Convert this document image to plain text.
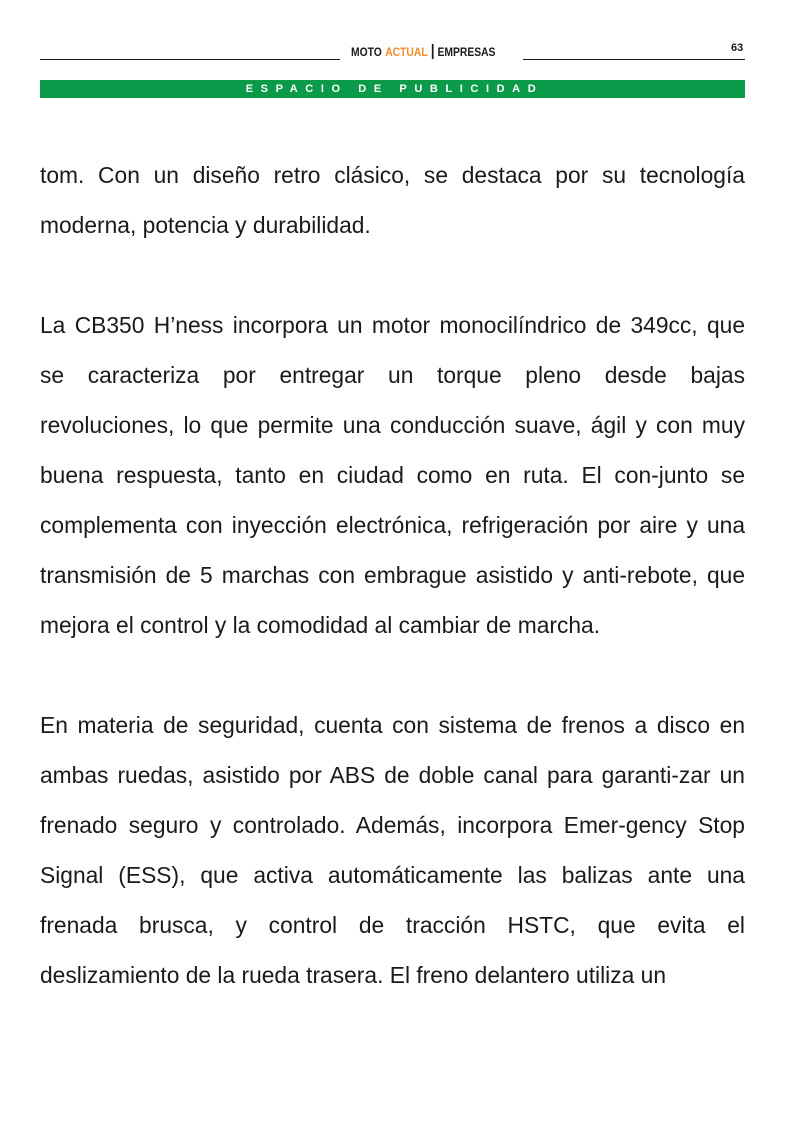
MOTO ACTUAL EMPRESAS	63
ESPACIO DE PUBLICIDAD

tom. Con un diseño retro clásico, se destaca por su tecnología moderna, potencia y durabilidad.

La CB350 H’ness incorpora un motor monocilíndrico de 349cc, que se caracteriza por entregar un torque pleno desde bajas revoluciones, lo que permite una conducción suave, ágil y con muy buena respuesta, tanto en ciudad como en ruta. El con-junto se complementa con inyección electrónica, refrigeración por aire y una transmisión de 5 marchas con embrague asistido y anti-rebote, que mejora el control y la comodidad al cambiar de marcha.

En materia de seguridad, cuenta con sistema de frenos a disco en ambas ruedas, asistido por ABS de doble canal para garanti-zar un frenado seguro y controlado. Además, incorpora Emer-gency Stop Signal (ESS), que activa automáticamente las balizas ante una frenada brusca, y control de tracción HSTC, que evita el deslizamiento de la rueda trasera. El freno delantero utiliza un
